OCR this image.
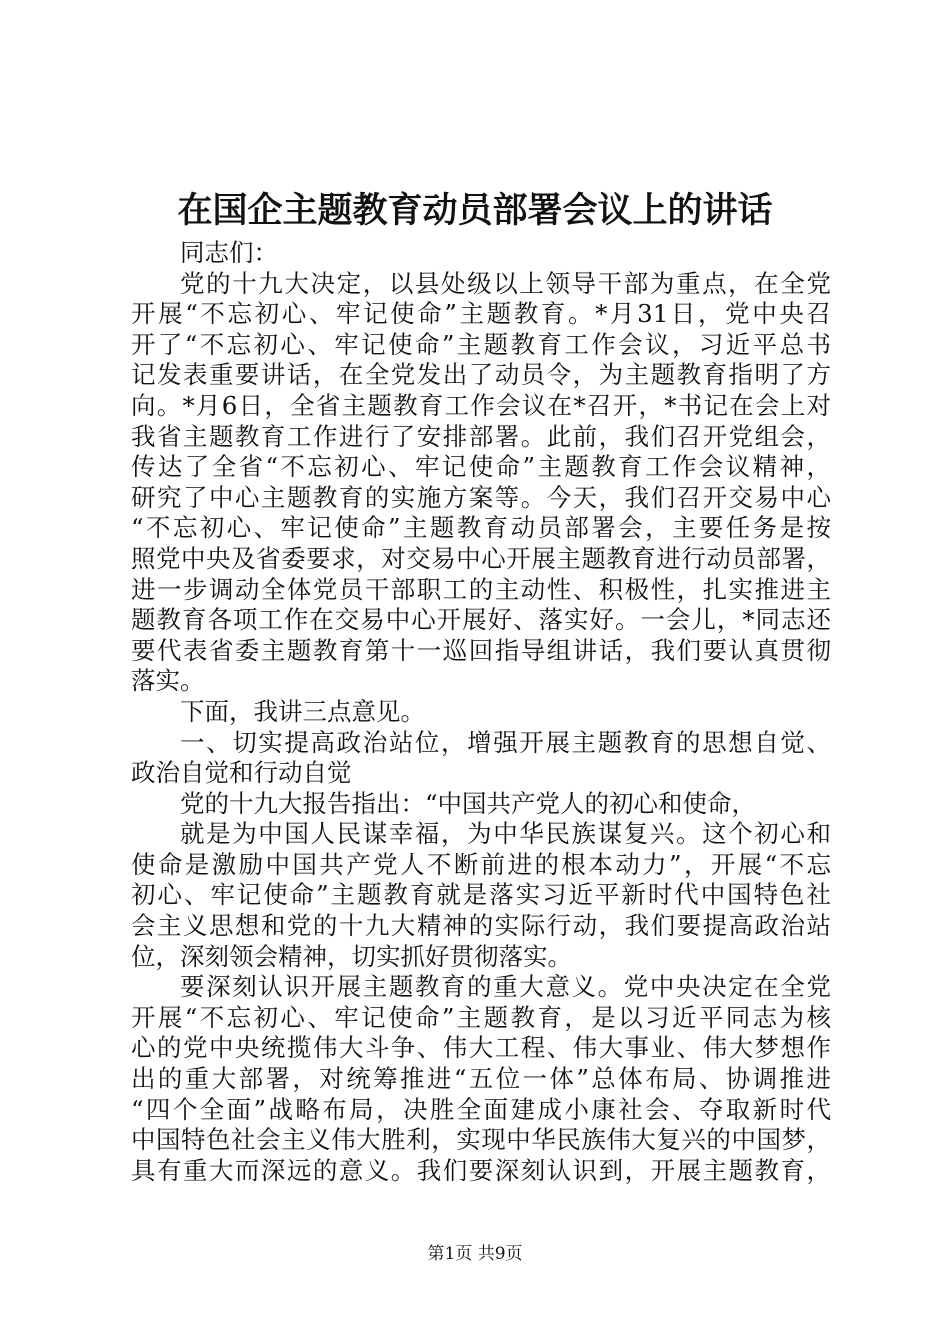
在国企主题教育动员部署会议上的讲话
同志们：
党的十九大决定，以县处级以上领导干部为重点，在全党
开展“不忘初心、牢记使命”主题教育。*月31日，党中央召
开了“不忘初心、牢记使命”主题教育工作会议，习近平总书
记发表重要讲话，在全党发出了动员令，为主题教育指明了方
向。*月6日，全省主题教育工作会议在*召开，*书记在会上对
我省主题教育工作进行了安排部署。此前，我们召开党组会，
传达了全省“不忘初心、牢记使命”主题教育工作会议精神，
研究了中心主题教育的实施方案等。今天，我们召开交易中心
“不忘初心、牢记使命”主题教育动员部署会，主要任务是按
照党中央及省委要求，对交易中心开展主题教育进行动员部署，
进一步调动全体党员干部职工的主动性、积极性，扎实推进主
题教育各项工作在交易中心开展好、落实好。一会儿，*同志还
要代表省委主题教育第十一巡回指导组讲话，我们要认真贯彻
落实。
下面，我讲三点意见。
一、切实提高政治站位，增强开展主题教育的思想自觉、
政治自觉和行动自觉
党的十九大报告指出：“中国共产党人的初心和使命，
就是为中国人民谋幸福，为中华民族谋复兴。这个初心和
使命是激励中国共产党人不断前进的根本动力”，开展“不忘
初心、牢记使命”主题教育就是落实习近平新时代中国特色社
会主义思想和党的十九大精神的实际行动，我们要提高政治站
位，深刻领会精神，切实抓好贯彻落实。
要深刻认识开展主题教育的重大意义。党中央决定在全党
开展“不忘初心、牢记使命”主题教育，是以习近平同志为核
心的党中央统揽伟大斗争、伟大工程、伟大事业、伟大梦想作
出的重大部署，对统筹推进“五位一体”总体布局、协调推进
“四个全面”战略布局，决胜全面建成小康社会、夺取新时代
中国特色社会主义伟大胜利，实现中华民族伟大复兴的中国梦，
具有重大而深远的意义。我们要深刻认识到，开展主题教育，
第1页 共9页
